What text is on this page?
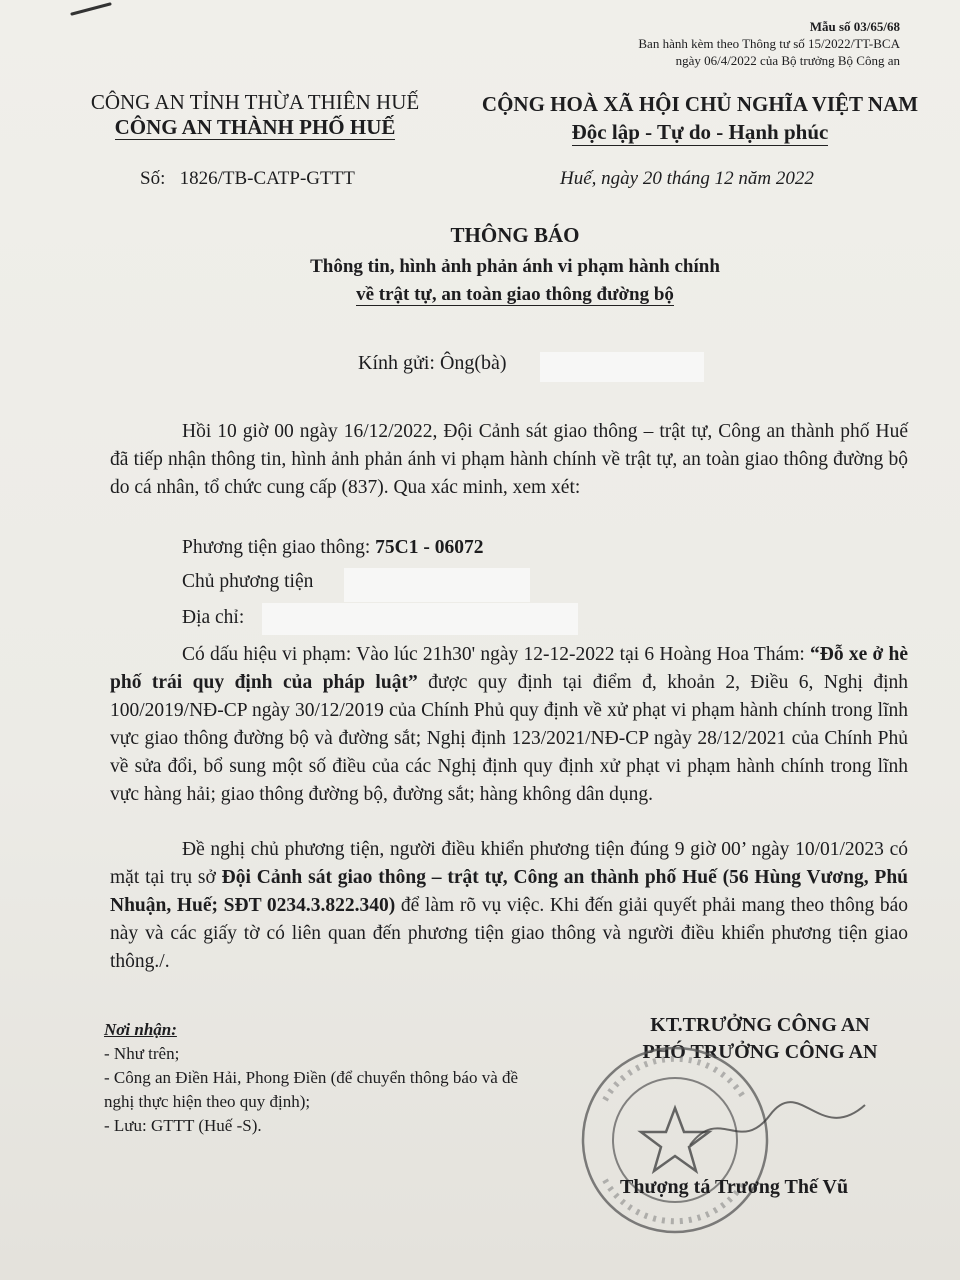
Mẫu số 03/65/68
Ban hành kèm theo Thông tư số 15/2022/TT-BCA
ngày 06/4/2022 của Bộ trưởng Bộ Công an

CÔNG AN TỈNH THỪA THIÊN HUẾ

CÔNG AN THÀNH PHỐ HUẾ

CỘNG HOÀ XÃ HỘI CHỦ NGHĨA VIỆT NAM

Độc lập - Tự do - Hạnh phúc

Số: 1826/TB-CATP-GTTT	Huế, ngày 20 tháng 12 năm 2022

THÔNG BÁO

Thông tin, hình ảnh phản ánh vi phạm hành chính

về trật tự, an toàn giao thông đường bộ

Kính gửi: Ông(bà)

Hồi 10 giờ 00 ngày 16/12/2022, Đội Cảnh sát giao thông – trật tự, Công an thành phố Huế đã tiếp nhận thông tin, hình ảnh phản ánh vi phạm hành chính về trật tự, an toàn giao thông đường bộ do cá nhân, tổ chức cung cấp (837). Qua xác minh, xem xét:

Phương tiện giao thông: 75C1 - 06072

Chủ phương tiện

Địa chỉ:

Có dấu hiệu vi phạm: Vào lúc 21h30' ngày 12-12-2022 tại 6 Hoàng Hoa Thám: “Đỗ xe ở hè phố trái quy định của pháp luật” được quy định tại điểm đ, khoản 2, Điều 6, Nghị định 100/2019/NĐ-CP ngày 30/12/2019 của Chính Phủ quy định về xử phạt vi phạm hành chính trong lĩnh vực giao thông đường bộ và đường sắt; Nghị định 123/2021/NĐ-CP ngày 28/12/2021 của Chính Phủ về sửa đổi, bổ sung một số điều của các Nghị định quy định xử phạt vi phạm hành chính trong lĩnh vực hàng hải; giao thông đường bộ, đường sắt; hàng không dân dụng.

Đề nghị chủ phương tiện, người điều khiển phương tiện đúng 9 giờ 00’ ngày 10/01/2023 có mặt tại trụ sở Đội Cảnh sát giao thông – trật tự, Công an thành phố Huế (56 Hùng Vương, Phú Nhuận, Huế; SĐT 0234.3.822.340) để làm rõ vụ việc. Khi đến giải quyết phải mang theo thông báo này và các giấy tờ có liên quan đến phương tiện giao thông và người điều khiển phương tiện giao thông./.

Nơi nhận:
- Như trên;
- Công an Điền Hải, Phong Điền (để chuyển thông báo và đề nghị thực hiện theo quy định);
- Lưu: GTTT (Huế -S).

KT.TRƯỞNG CÔNG AN

PHÓ TRƯỞNG CÔNG AN

Thượng tá Trương Thế Vũ
